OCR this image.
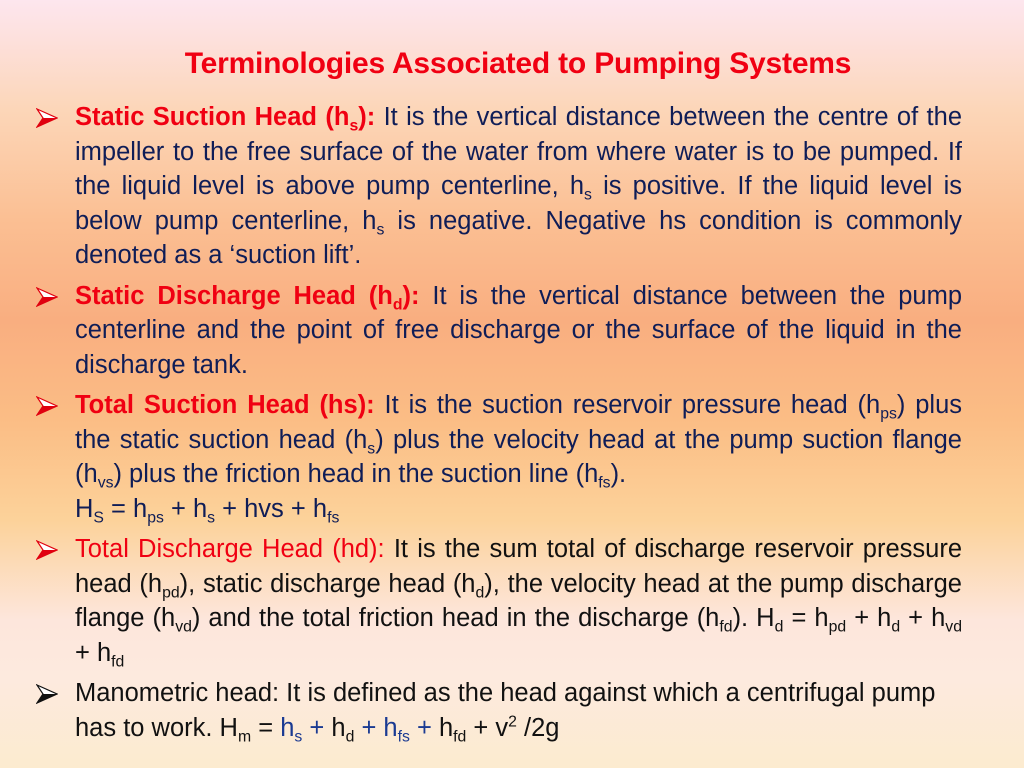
Terminologies Associated to Pumping Systems
Static Suction Head $(h_s)$: It is the vertical distance between the centre of the impeller to the free surface of the water from where water is to be pumped. If the liquid level is above pump centerline, $h_s$ is positive. If the liquid level is below pump centerline, $h_s$ is negative. Negative hs condition is commonly denoted as a ‘suction lift’.
Static Discharge Head $(h_d)$: It is the vertical distance between the pump centerline and the point of free discharge or the surface of the liquid in the discharge tank.
Total Suction Head (hs): It is the suction reservoir pressure head $(h_{ps})$ plus the static suction head $(h_s)$ plus the velocity head at the pump suction flange $(h_{vs})$ plus the friction head in the suction line $(h_{fs})$.
$H_S = h_{ps} + h_s$ + hvs + $h_{fs}$
Total Discharge Head (hd): It is the sum total of discharge reservoir pressure head $(h_{pd})$, static discharge head $(h_d)$, the velocity head at the pump discharge flange $(h_{vd})$ and the total friction head in the discharge $(h_{fd})$. $H_d = h_{pd} + h_d + h_{vd} + h_{fd}$
Manometric head: It is defined as the head against which a centrifugal pump has to work. $H_m = h_s + h_d + h_{fs} + h_{fd} + v^2$ /2g
